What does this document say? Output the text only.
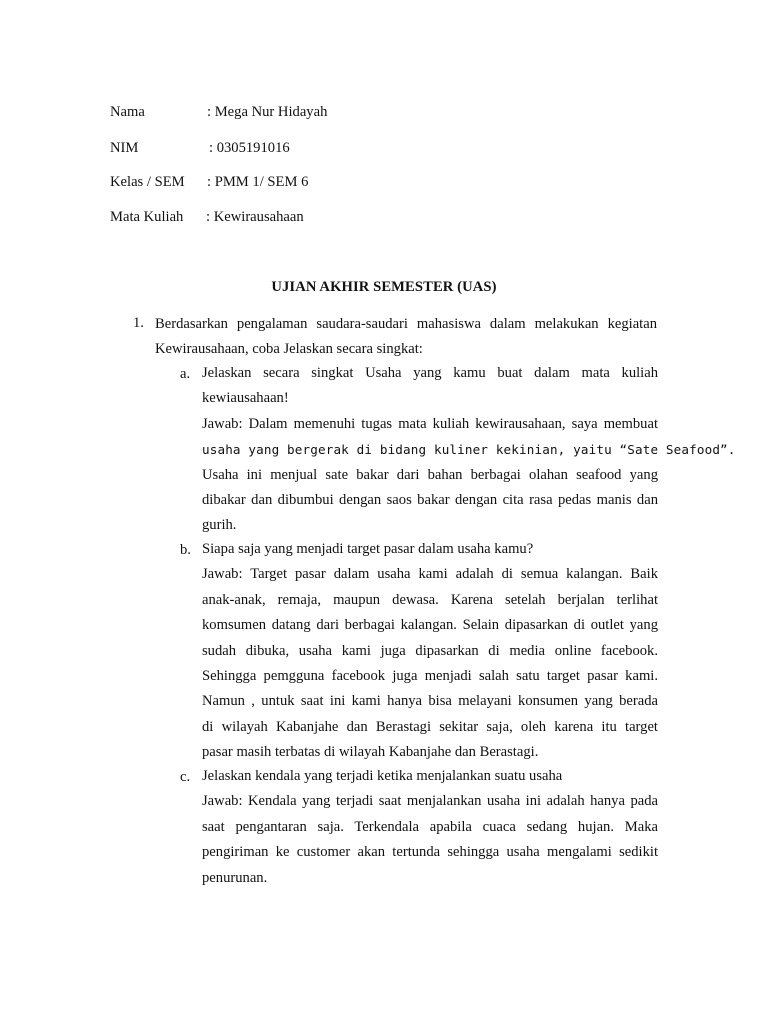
Nama	: Mega Nur Hidayah
NIM	: 0305191016
Kelas / SEM : PMM 1/ SEM 6
Mata Kuliah : Kewirausahaan
UJIAN AKHIR SEMESTER (UAS)
1. Berdasarkan pengalaman saudara-saudari mahasiswa dalam melakukan kegiatan
Kewirausahaan, coba Jelaskan secara singkat:
a. Jelaskan secara singkat Usaha yang kamu buat dalam mata kuliah
kewiausahaan!
Jawab: Dalam memenuhi tugas mata kuliah kewirausahaan, saya membuat
usaha yang bergerak di bidang kuliner kekinian, yaitu “Sate Seafood”.
Usaha ini menjual sate bakar dari bahan berbagai olahan seafood yang
dibakar dan dibumbui dengan saos bakar dengan cita rasa pedas manis dan
gurih.
b. Siapa saja yang menjadi target pasar dalam usaha kamu?
Jawab: Target pasar dalam usaha kami adalah di semua kalangan. Baik
anak-anak, remaja, maupun dewasa. Karena setelah berjalan terlihat
komsumen datang dari berbagai kalangan. Selain dipasarkan di outlet yang
sudah dibuka, usaha kami juga dipasarkan di media online facebook.
Sehingga pemgguna facebook juga menjadi salah satu target pasar kami.
Namun , untuk saat ini kami hanya bisa melayani konsumen yang berada
di wilayah Kabanjahe dan Berastagi sekitar saja, oleh karena itu target
pasar masih terbatas di wilayah Kabanjahe dan Berastagi.
c. Jelaskan kendala yang terjadi ketika menjalankan suatu usaha
Jawab: Kendala yang terjadi saat menjalankan usaha ini adalah hanya pada
saat pengantaran saja. Terkendala apabila cuaca sedang hujan. Maka
pengiriman ke customer akan tertunda sehingga usaha mengalami sedikit
penurunan.
